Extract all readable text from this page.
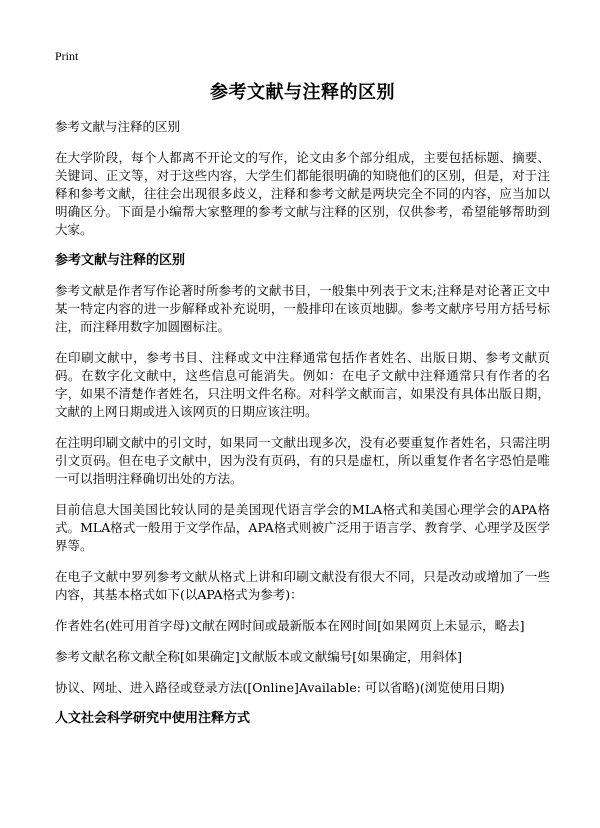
Print
参考文献与注释的区别

参考文献与注释的区别

在大学阶段，每个人都离不开论文的写作，论文由多个部分组成，主要包括标题、摘要、关键词、正文等，对于这些内容，大学生们都能很明确的知晓他们的区别，但是，对于注释和参考文献，往往会出现很多歧义，注释和参考文献是两块完全不同的内容，应当加以明确区分。下面是小编帮大家整理的参考文献与注释的区别，仅供参考，希望能够帮助到大家。

参考文献与注释的区别

参考文献是作者写作论著时所参考的文献书目，一般集中列表于文末;注释是对论著正文中某一特定内容的进一步解释或补充说明，一般排印在该页地脚。参考文献序号用方括号标注，而注释用数字加圆圈标注。

在印刷文献中，参考书目、注释或文中注释通常包括作者姓名、出版日期、参考文献页码。在数字化文献中，这些信息可能消失。例如：在电子文献中注释通常只有作者的名字，如果不清楚作者姓名，只注明文件名称。对科学文献而言，如果没有具体出版日期，文献的上网日期或进入该网页的日期应该注明。

在注明印刷文献中的引文时，如果同一文献出现多次，没有必要重复作者姓名，只需注明引文页码。但在电子文献中，因为没有页码，有的只是虚杠，所以重复作者名字恐怕是唯一可以指明注释确切出处的方法。

目前信息大国美国比较认同的是美国现代语言学会的MLA格式和美国心理学会的APA格式。MLA格式一般用于文学作品，APA格式则被广泛用于语言学、教育学、心理学及医学界等。

在电子文献中罗列参考文献从格式上讲和印刷文献没有很大不同，只是改动或增加了一些内容，其基本格式如下(以APA格式为参考)：

作者姓名(姓可用首字母)文献在网时间或最新版本在网时间[如果网页上未显示，略去]

参考文献名称文献全称[如果确定]文献版本或文献编号[如果确定，用斜体]

协议、网址、进入路径或登录方法([Online]Available: 可以省略)(浏览使用日期)

人文社会科学研究中使用注释方式
